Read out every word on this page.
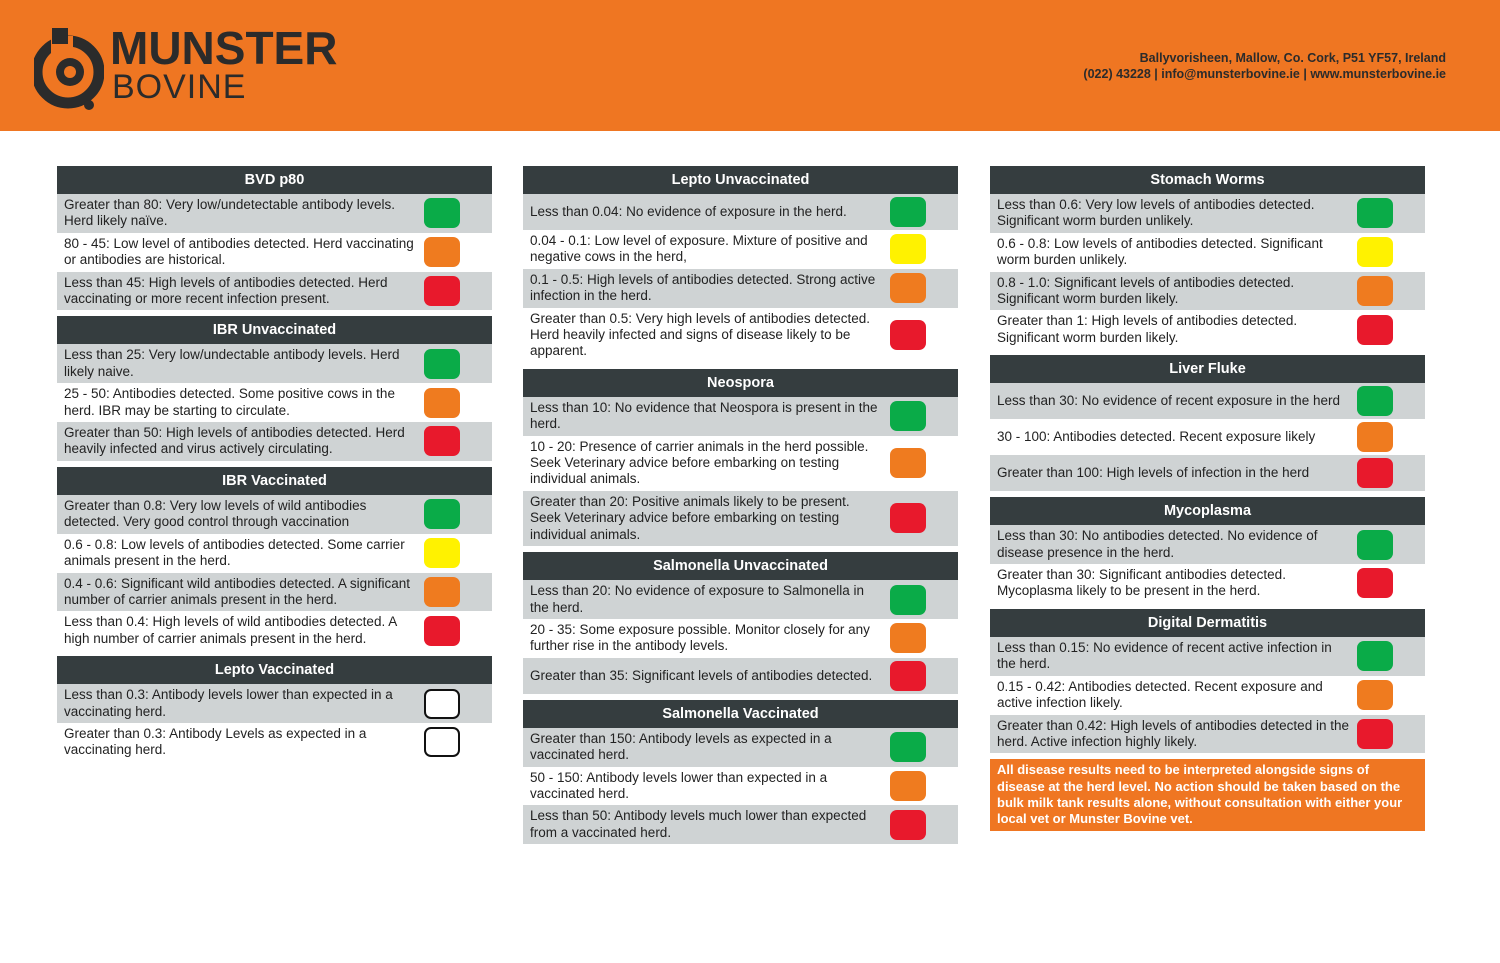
MUNSTER
BOVINE
Ballyvorisheen, Mallow, Co. Cork, P51 YF57, Ireland
(022) 43228 | info@munsterbovine.ie | www.munsterbovine.ie
BVD p80
Greater than 80: Very low/undetectable antibody levels. Herd likely naïve.
80 - 45: Low level of antibodies detected. Herd vaccinating or antibodies are historical.
Less than 45: High levels of antibodies detected. Herd vaccinating or more recent infection present.
IBR Unvaccinated
Less than 25: Very low/undectable antibody levels. Herd likely naive.
25 - 50: Antibodies detected. Some positive cows in the herd. IBR may be starting to circulate.
Greater than 50: High levels of antibodies detected. Herd heavily infected and virus actively circulating.
IBR Vaccinated
Greater than 0.8: Very low levels of wild antibodies detected. Very good control through vaccination
0.6 - 0.8: Low levels of antibodies detected. Some carrier animals present in the herd.
0.4 - 0.6: Significant wild antibodies detected. A significant number of carrier animals present in the herd.
Less than 0.4: High levels of wild antibodies detected. A high number of carrier animals present in the herd.
Lepto Vaccinated
Less than 0.3: Antibody levels lower than expected in a vaccinating herd.
Greater than 0.3: Antibody Levels as expected in a vaccinating herd.
Lepto Unvaccinated
Less than 0.04: No evidence of exposure in the herd.
0.04 - 0.1: Low level of exposure. Mixture of positive and negative cows in the herd,
0.1 - 0.5: High levels of antibodies detected. Strong active infection in the herd.
Greater than 0.5: Very high levels of antibodies detected. Herd heavily infected and signs of disease likely to be apparent.
Neospora
Less than 10: No evidence that Neospora is present in the herd.
10 - 20: Presence of carrier animals in the herd possible. Seek Veterinary advice before embarking on testing individual animals.
Greater than 20: Positive animals likely to be present. Seek Veterinary advice before embarking on testing individual animals.
Salmonella Unvaccinated
Less than 20: No evidence of exposure to Salmonella in the herd.
20 - 35: Some exposure possible. Monitor closely for any further rise in the antibody levels.
Greater than 35: Significant levels of antibodies detected.
Salmonella Vaccinated
Greater than 150: Antibody levels as expected in a vaccinated herd.
50 - 150: Antibody levels lower than expected in a vaccinated herd.
Less than 50: Antibody levels much lower than expected from a vaccinated herd.
Stomach Worms
Less than 0.6: Very low levels of antibodies detected. Significant worm burden unlikely.
0.6 - 0.8: Low levels of antibodies detected. Significant worm burden unlikely.
0.8 - 1.0: Significant levels of antibodies detected. Significant worm burden likely.
Greater than 1: High levels of antibodies detected. Significant worm burden likely.
Liver Fluke
Less than 30: No evidence of recent exposure in the herd
30 - 100: Antibodies detected. Recent exposure likely
Greater than 100: High levels of infection in the herd
Mycoplasma
Less than 30: No antibodies detected. No evidence of disease presence in the herd.
Greater than 30: Significant antibodies detected. Mycoplasma likely to be present in the herd.
Digital Dermatitis
Less than 0.15: No evidence of recent active infection in the herd.
0.15 - 0.42: Antibodies detected. Recent exposure and active infection likely.
Greater than 0.42: High levels of antibodies detected in the herd. Active infection highly likely.
All disease results need to be interpreted alongside signs of disease at the herd level. No action should be taken based on the bulk milk tank results alone, without consultation with either your local vet or Munster Bovine vet.
